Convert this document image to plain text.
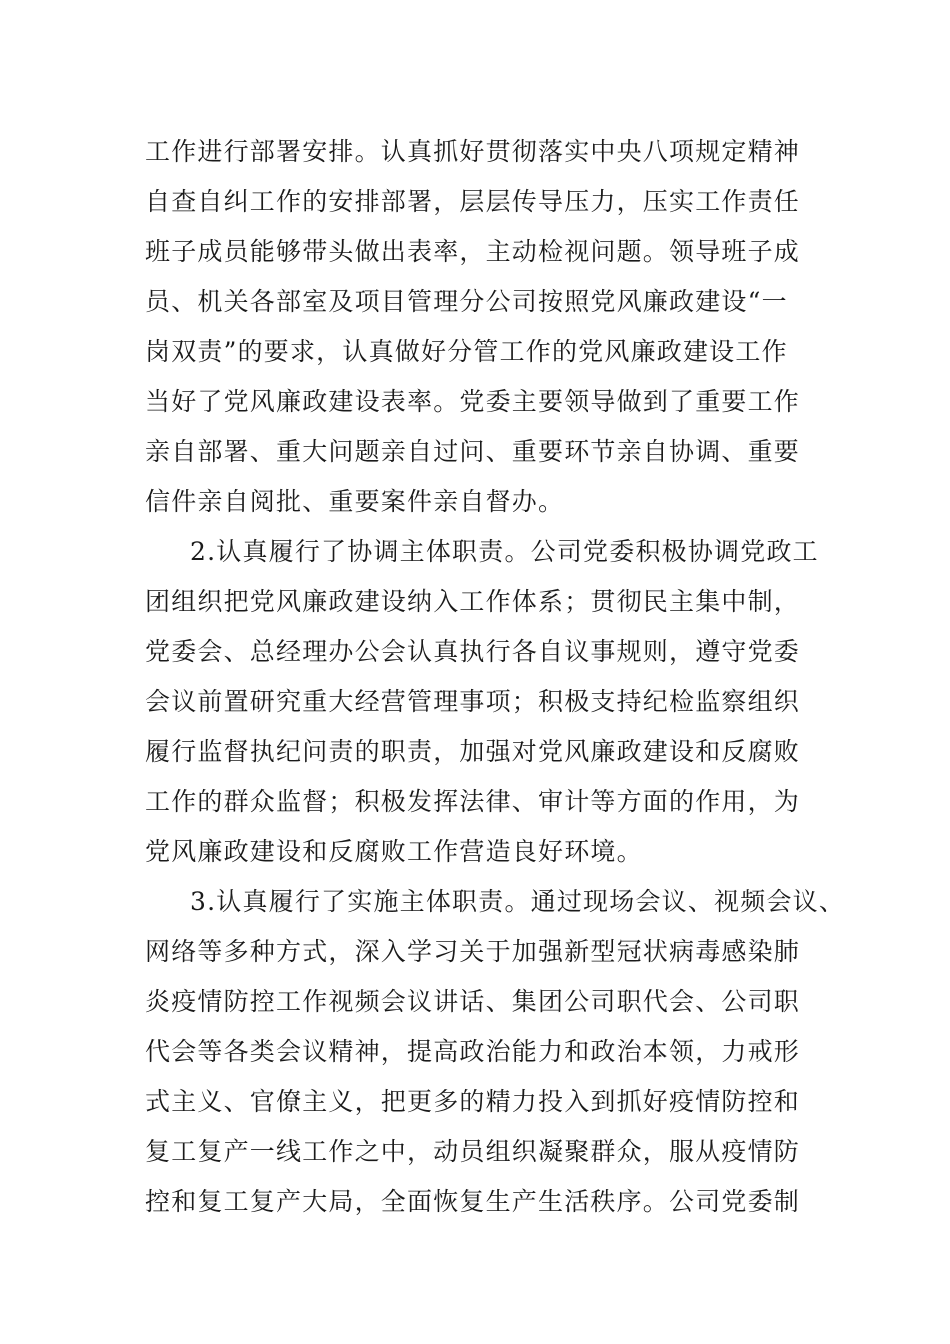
工作进行部署安排。认真抓好贯彻落实中央八项规定精神
自查自纠工作的安排部署，层层传导压力，压实工作责任
班子成员能够带头做出表率，主动检视问题。领导班子成
员、机关各部室及项目管理分公司按照党风廉政建设“一
岗双责”的要求，认真做好分管工作的党风廉政建设工作
当好了党风廉政建设表率。党委主要领导做到了重要工作
亲自部署、重大问题亲自过问、重要环节亲自协调、重要
信件亲自阅批、重要案件亲自督办。
2.认真履行了协调主体职责。公司党委积极协调党政工
团组织把党风廉政建设纳入工作体系；贯彻民主集中制，
党委会、总经理办公会认真执行各自议事规则，遵守党委
会议前置研究重大经营管理事项；积极支持纪检监察组织
履行监督执纪问责的职责，加强对党风廉政建设和反腐败
工作的群众监督；积极发挥法律、审计等方面的作用，为
党风廉政建设和反腐败工作营造良好环境。
3.认真履行了实施主体职责。通过现场会议、视频会议、
网络等多种方式，深入学习关于加强新型冠状病毒感染肺
炎疫情防控工作视频会议讲话、集团公司职代会、公司职
代会等各类会议精神，提高政治能力和政治本领，力戒形
式主义、官僚主义，把更多的精力投入到抓好疫情防控和
复工复产一线工作之中，动员组织凝聚群众，服从疫情防
控和复工复产大局，全面恢复生产生活秩序。公司党委制
